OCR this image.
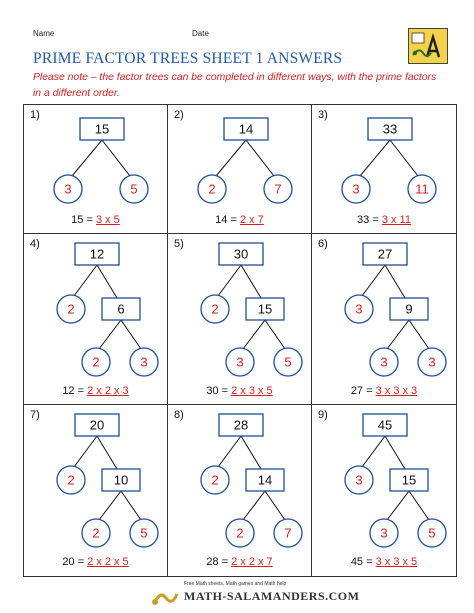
Name	Date
PRIME FACTOR TREES SHEET 1 ANSWERS
Please note – the factor trees can be completed in different ways, with the prime factors in a different order.
1)
15
3	5
15 = 3 x 5
2)
14
2	7
14 = 2 x 7
3)
33
3	11
33 = 3 x 11
4)
12
2	6
2	3
12 = 2 x 2 x 3
5)
30
2	15
3	5
30 = 2 x 3 x 5
6)
27
3	9
3	3
27 = 3 x 3 x 3
7)
20
2	10
2	5
20 = 2 x 2 x 5
8)
28
2	14
2	7
28 = 2 x 2 x 7
9)
45
3	15
3	5
45 = 3 x 3 x 5
Free Math sheets, Math games and Math help
MATH-SALAMANDERS.COM
